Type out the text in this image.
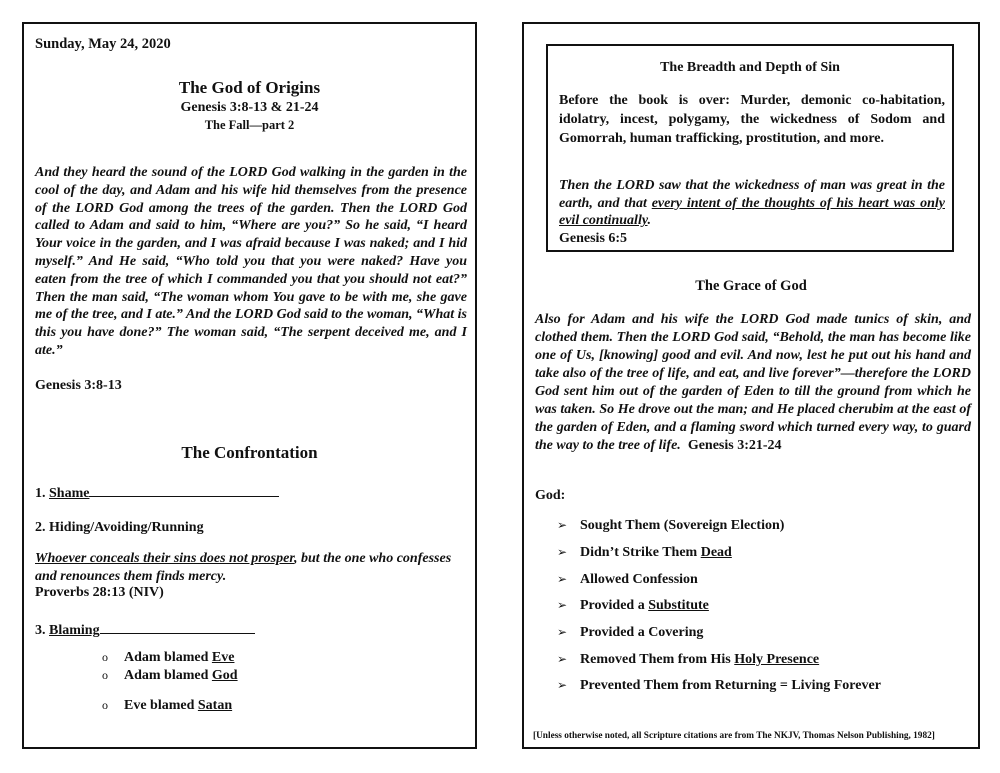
Sunday, May 24, 2020
The God of Origins
Genesis 3:8-13 & 21-24
The Fall—part 2
And they heard the sound of the LORD God walking in the garden in the cool of the day, and Adam and his wife hid themselves from the presence of the LORD God among the trees of the garden. Then the LORD God called to Adam and said to him, “Where are you?” So he said, “I heard Your voice in the garden, and I was afraid because I was naked; and I hid myself.” And He said, “Who told you that you were naked? Have you eaten from the tree of which I commanded you that you should not eat?” Then the man said, “The woman whom You gave to be with me, she gave me of the tree, and I ate.” And the LORD God said to the woman, “What is this you have done?” The woman said, “The serpent deceived me, and I ate.”
Genesis 3:8-13
The Confrontation
1. Shame
2. Hiding/Avoiding/Running
Whoever conceals their sins does not prosper, but the one who confesses and renounces them finds mercy.
Proverbs 28:13 (NIV)
3. Blaming
o Adam blamed Eve
o Adam blamed God
o Eve blamed Satan
The Breadth and Depth of Sin
Before the book is over: Murder, demonic co-habitation, idolatry, incest, polygamy, the wickedness of Sodom and Gomorrah, human trafficking, prostitution, and more.
Then the LORD saw that the wickedness of man was great in the earth, and that every intent of the thoughts of his heart was only evil continually.
Genesis 6:5
The Grace of God
Also for Adam and his wife the LORD God made tunics of skin, and clothed them. Then the LORD God said, “Behold, the man has become like one of Us, [knowing] good and evil. And now, lest he put out his hand and take also of the tree of life, and eat, and live forever”—therefore the LORD God sent him out of the garden of Eden to till the ground from which he was taken. So He drove out the man; and He placed cherubim at the east of the garden of Eden, and a flaming sword which turned every way, to guard the way to the tree of life. Genesis 3:21-24
God:
➢ Sought Them (Sovereign Election)
➢ Didn’t Strike Them Dead
➢ Allowed Confession
➢ Provided a Substitute
➢ Provided a Covering
➢ Removed Them from His Holy Presence
➢ Prevented Them from Returning = Living Forever
[Unless otherwise noted, all Scripture citations are from The NKJV, Thomas Nelson Publishing, 1982]
